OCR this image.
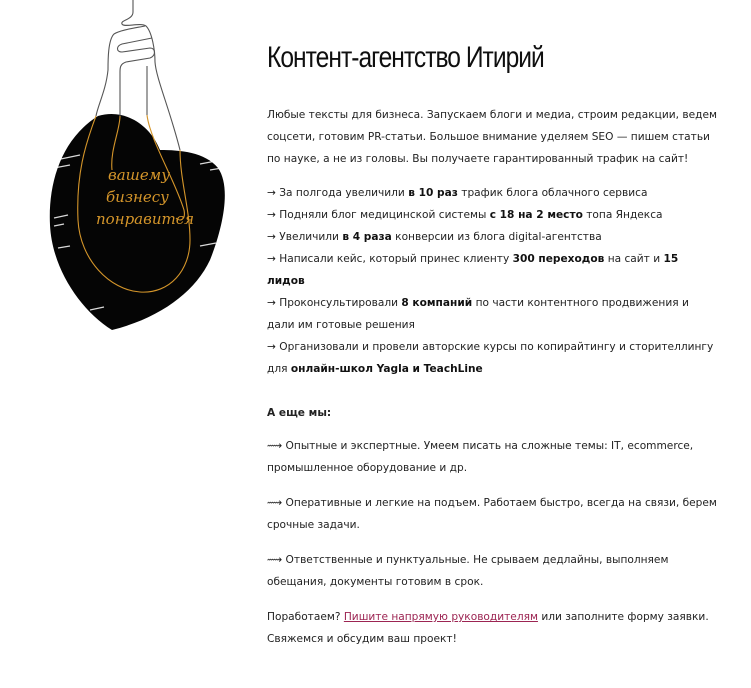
вашему
бизнесу
понравится
Контент-агентство Итирий

Любые тексты для бизнеса. Запускаем блоги и медиа, строим редакции, ведем соцсети, готовим PR-статьи. Большое внимание уделяем SEO — пишем статьи по науке, а не из головы. Вы получаете гарантированный трафик на сайт!

→ За полгода увеличили в 10 раз трафик блога облачного сервиса
→ Подняли блог медицинской системы с 18 на 2 место топа Яндекса
→ Увеличили в 4 раза конверсии из блога digital-агентства
→ Написали кейс, который принес клиенту 300 переходов на сайт и 15 лидов
→ Проконсультировали 8 компаний по части контентного продвижения и дали им готовые решения
→ Организовали и провели авторские курсы по копирайтингу и сторителлингу для онлайн-школ Yagla и TeachLine

А еще мы:

⟿ Опытные и экспертные. Умеем писать на сложные темы: IT, ecommerce, промышленное оборудование и др.

⟿ Оперативные и легкие на подъем. Работаем быстро, всегда на связи, берем срочные задачи.

⟿ Ответственные и пунктуальные. Не срываем дедлайны, выполняем обещания, документы готовим в срок.

Поработаем? Пишите напрямую руководителям или заполните форму заявки. Свяжемся и обсудим ваш проект!
